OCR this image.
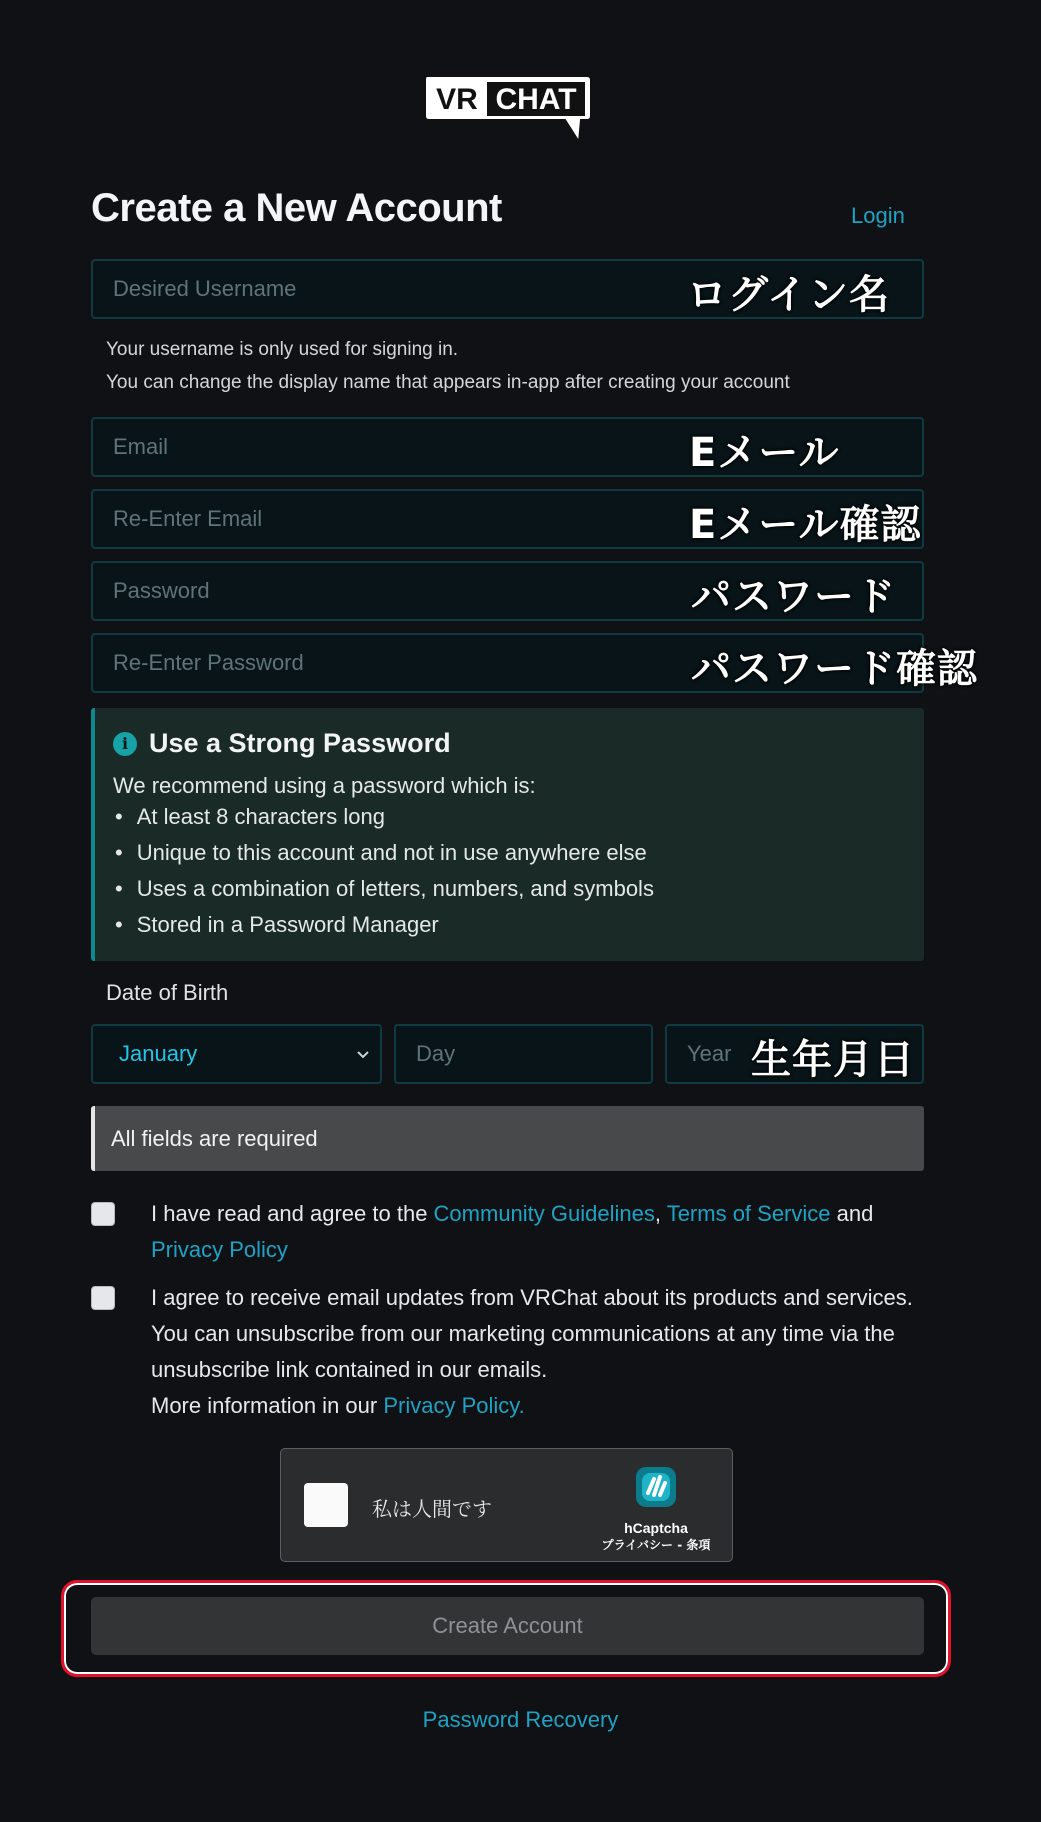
VR CHAT
Create a New Account	Login
Desired Username	ログイン名
Your username is only used for signing in.
You can change the display name that appears in-app after creating your account
Email	Eメール
Re-Enter Email	Eメール確認
Password	パスワード
Re-Enter Password	パスワード確認
i Use a Strong Password
We recommend using a password which is:
• At least 8 characters long
• Unique to this account and not in use anywhere else
• Uses a combination of letters, numbers, and symbols
• Stored in a Password Manager
Date of Birth
January	Day	Year 生年月日
All fields are required
I have read and agree to the Community Guidelines, Terms of Service and Privacy Policy
I agree to receive email updates from VRChat about its products and services. You can unsubscribe from our marketing communications at any time via the unsubscribe link contained in our emails.
More information in our Privacy Policy.
私は人間です
hCaptcha
プライバシー - 条項
Create Account
Password Recovery
